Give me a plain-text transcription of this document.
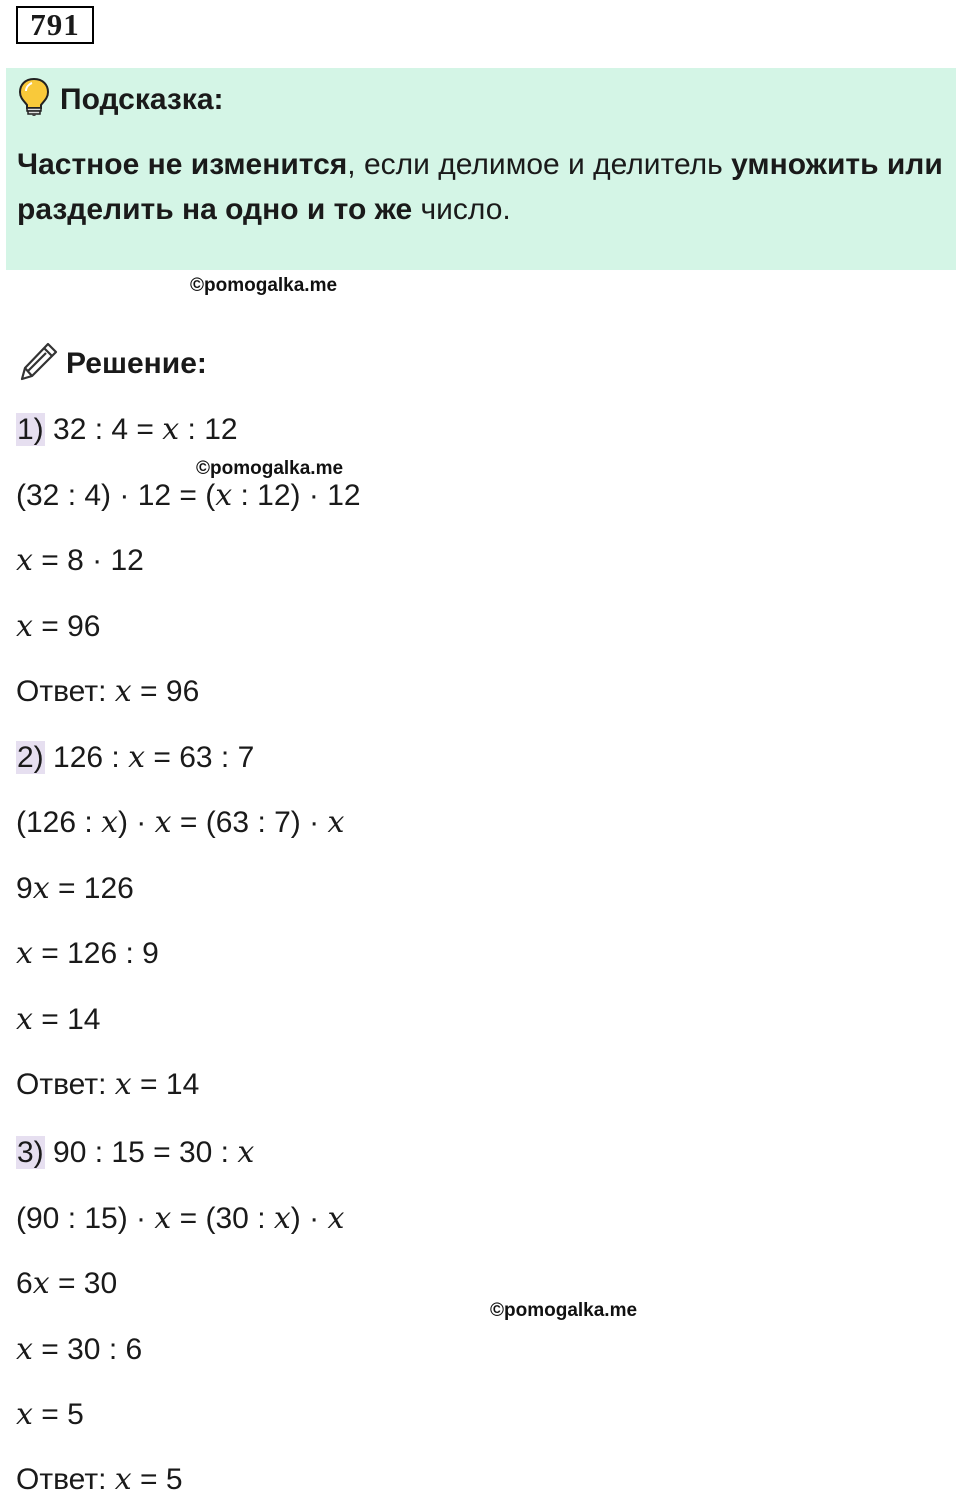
791
Подсказка:
Частное не изменится, если делимое и делитель умножить или разделить на одно и то же число.
©pomogalka.me
Решение:
1) 32 : 4 = 𝑥 : 12
©pomogalka.me
(32 : 4) · 12 = (𝑥 : 12) · 12
𝑥 = 8 · 12
𝑥 = 96
Ответ: 𝑥 = 96
2) 126 : 𝑥 = 63 : 7
(126 : 𝑥) · 𝑥 = (63 : 7) · 𝑥
9𝑥 = 126
𝑥 = 126 : 9
𝑥 = 14
Ответ: 𝑥 = 14
3) 90 : 15 = 30 : 𝑥
(90 : 15) · 𝑥 = (30 : 𝑥) · 𝑥
6𝑥 = 30
©pomogalka.me
𝑥 = 30 : 6
𝑥 = 5
Ответ: 𝑥 = 5
